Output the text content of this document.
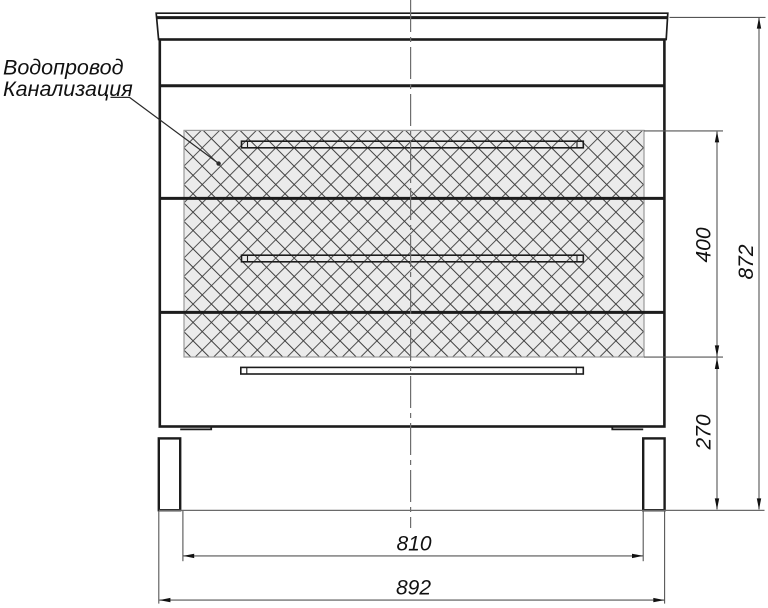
Водопровод
Канализация
400
270
872
810
892
